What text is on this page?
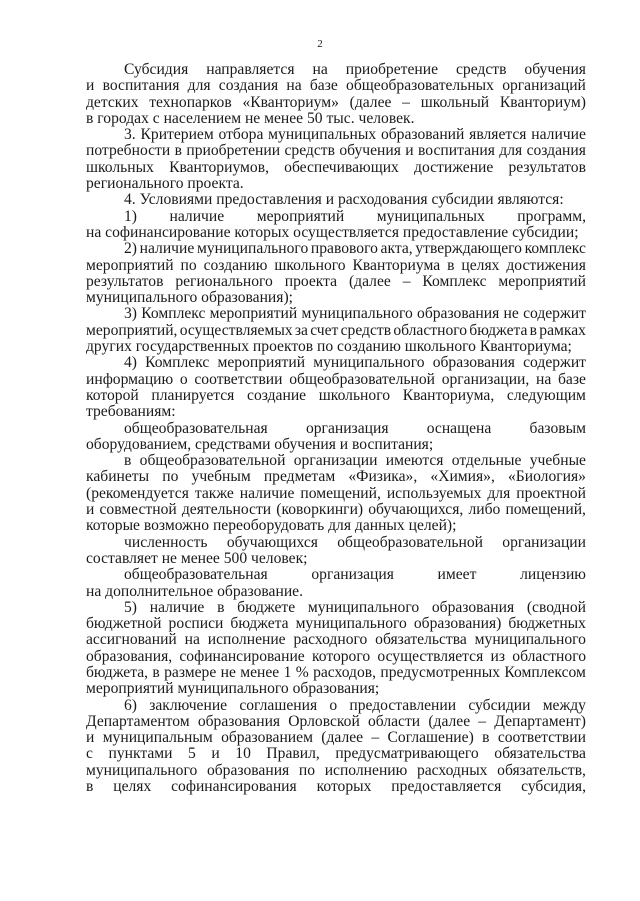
2
Субсидия направляется на приобретение средств обучения
и воспитания для создания на базе общеобразовательных организаций
детских технопарков «Кванториум» (далее – школьный Кванториум)
в городах с населением не менее 50 тыс. человек.
3. Критерием отбора муниципальных образований является наличие
потребности в приобретении средств обучения и воспитания для создания
школьных Кванториумов, обеспечивающих достижение результатов
регионального проекта.
4. Условиями предоставления и расходования субсидии являются:
1) наличие мероприятий муниципальных программ,
на софинансирование которых осуществляется предоставление субсидии;
2) наличие муниципального правового акта, утверждающего комплекс
мероприятий по созданию школьного Кванториума в целях достижения
результатов регионального проекта (далее – Комплекс мероприятий
муниципального образования);
3) Комплекс мероприятий муниципального образования не содержит
мероприятий, осуществляемых за счет средств областного бюджета в рамках
других государственных проектов по созданию школьного Кванториума;
4) Комплекс мероприятий муниципального образования содержит
информацию о соответствии общеобразовательной организации, на базе
которой планируется создание школьного Кванториума, следующим
требованиям:
общеобразовательная организация оснащена базовым
оборудованием, средствами обучения и воспитания;
в общеобразовательной организации имеются отдельные учебные
кабинеты по учебным предметам «Физика», «Химия», «Биология»
(рекомендуется также наличие помещений, используемых для проектной
и совместной деятельности (коворкинги) обучающихся, либо помещений,
которые возможно переоборудовать для данных целей);
численность обучающихся общеобразовательной организации
составляет не менее 500 человек;
общеобразовательная	организация	имеет	лицензию
на дополнительное образование.
5) наличие в бюджете муниципального образования (сводной
бюджетной росписи бюджета муниципального образования) бюджетных
ассигнований на исполнение расходного обязательства муниципального
образования, софинансирование которого осуществляется из областного
бюджета, в размере не менее 1 % расходов, предусмотренных Комплексом
мероприятий муниципального образования;
6) заключение соглашения о предоставлении субсидии между
Департаментом образования Орловской области (далее – Департамент)
и муниципальным образованием (далее – Соглашение) в соответствии
с пунктами 5 и 10 Правил, предусматривающего обязательства
муниципального образования по исполнению расходных обязательств,
в целях софинансирования которых предоставляется субсидия,
